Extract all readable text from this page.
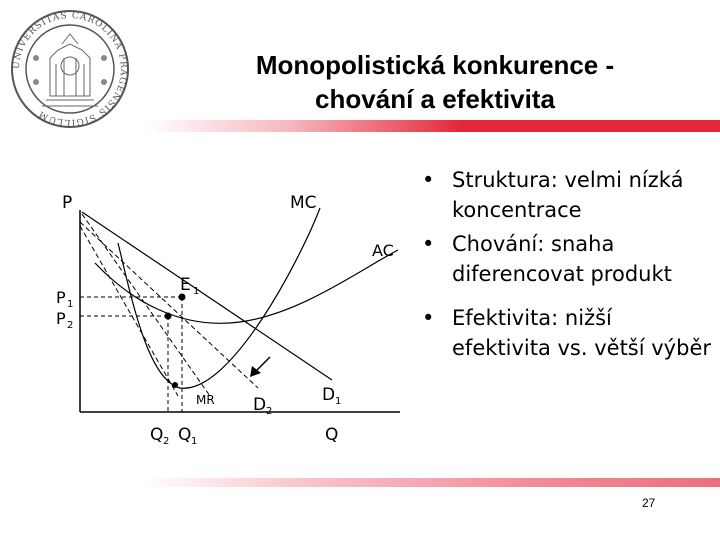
UNIVERSITAS CAROLINA PRAGENSIS SIGILLUM
Monopolistická konkurence -
chování a efektivita
P	MC
AC
E 1
P 1
P 2
MR D 2
D 1
Q 2 Q 1	Q
• Struktura: velmi nízká koncentrace
• Chování: snaha diferencovat produkt
• Efektivita: nižší efektivita vs. větší výběr
27
